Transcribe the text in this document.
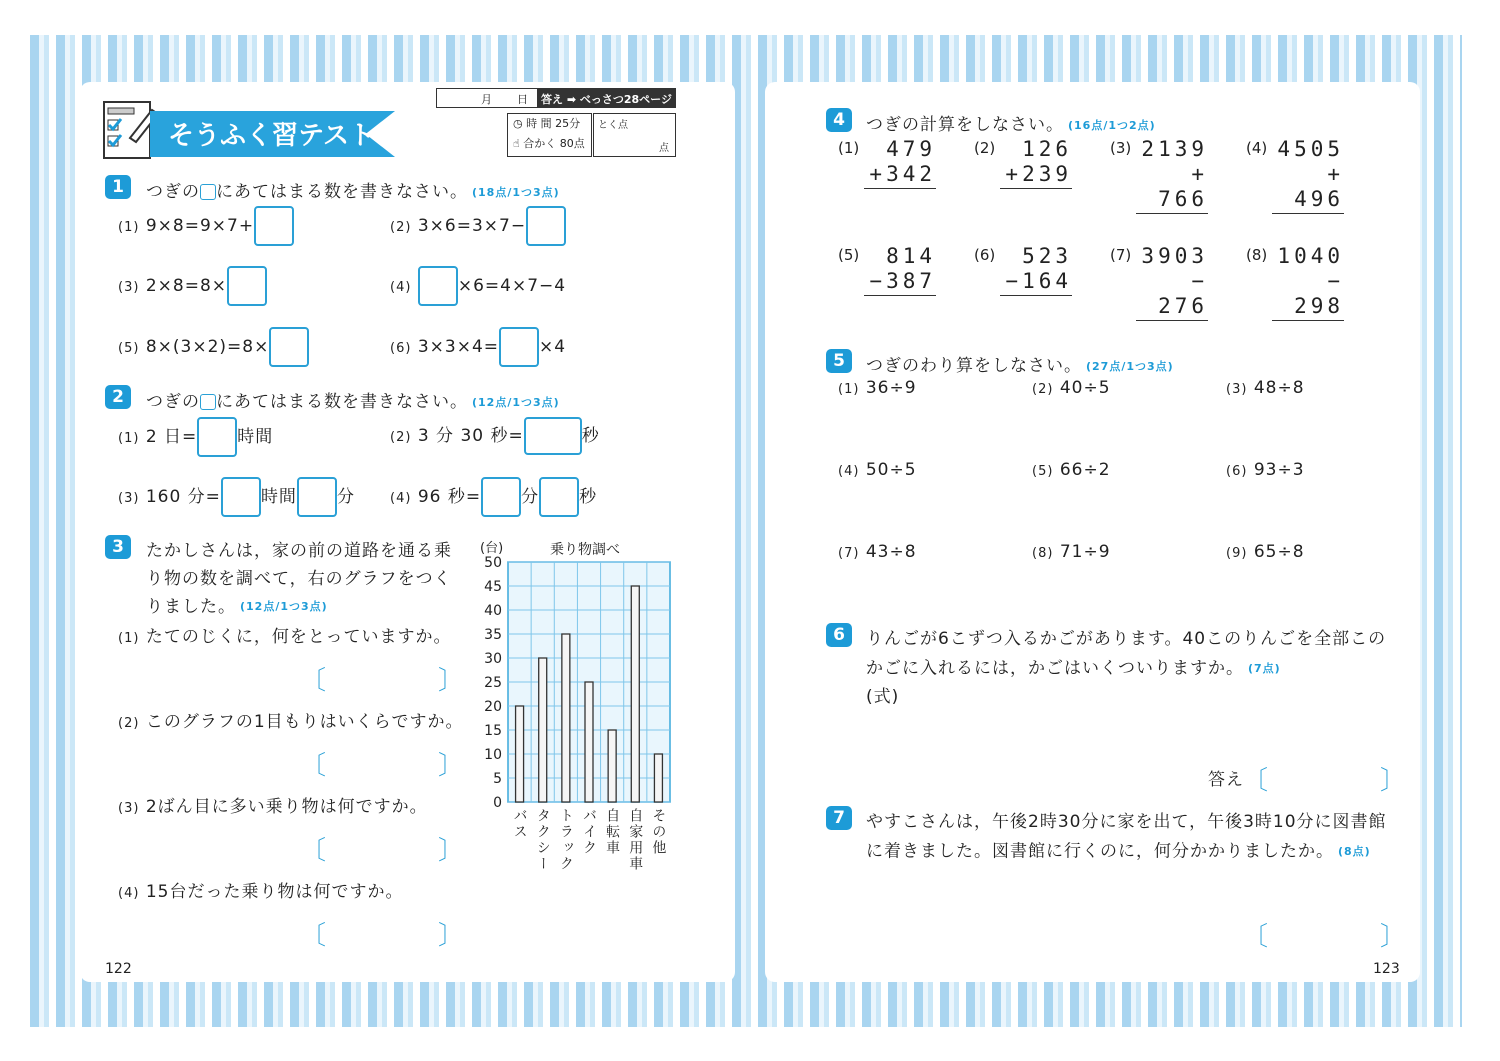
そうふく習テスト①
月 日	答え ➡ べっさつ28ページ
◷ 時 間 25分
☝ 合かく 80点
とく点
点
1	つぎの にあてはまる数を書きなさい。 (18点/1つ3点)
(1) 9×8=9×7+	(2) 3×6=3×7−
(3) 2×8=8×	(4)	×6=4×7−4
(5) 8×(3×2)=8×	(6) 3×3×4= ×4
2	つぎの にあてはまる数を書きなさい。 (12点/1つ3点)
(1) 2 日= 時間	(2) 3 分 30 秒=	秒
(3) 160 分= 時間 分	(4) 96 秒= 分 秒
3	たかしさんは，家の前の道路を通る乗り物の数を調べて，右のグラフをつくりました。 (12点/1つ3点)
(1) たてのじくに，何をとっていますか。
〔	〕
(2) このグラフの1目もりはいくらですか。
〔	〕
(3) 2ばん目に多い乗り物は何ですか。
〔	〕
(4) 15台だった乗り物は何ですか。
〔	〕
(台)	乗り物調べ
0
5
10
15
20
25
30
35
40
45
50
122
4	つぎの計算をしなさい。 (16点/1つ2点)
5	つぎのわり算をしなさい。 (27点/1つ3点)
6	りんごが6こずつ入るかごがあります。40このりんごを全部このかごに入れるには，かごはいくついりますか。 (7点)
(式)
答え
〔	〕
7	やすこさんは，午後2時30分に家を出て，午後3時10分に図書館に着きました。図書館に行くのに，何分かかりましたか。 (8点)
〔	〕
123
バス タクシー トラック バイク 自転車 自家用車 その他
(1)	479
+342
(2)	126
+239
(3) 2139
+ 766
(4) 4505
+ 496
(5)	814
−387
(6)	523
−164
(7) 3903
− 276
(8) 1040
− 298
(1) 36÷9	(2) 40÷5	(3) 48÷8
(4) 50÷5	(5) 66÷2	(6) 93÷3
(7) 43÷8	(8) 71÷9	(9) 65÷8
